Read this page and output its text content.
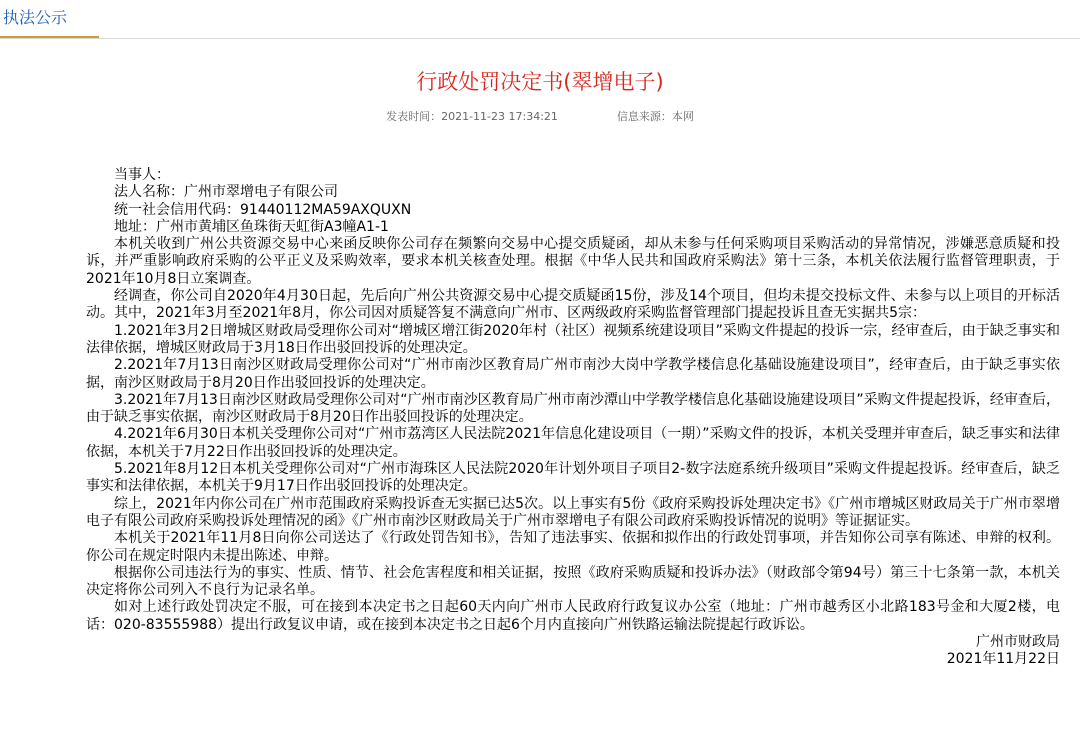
执法公示
行政处罚决定书(翠增电子)
发表时间：2021-11-23 17:34:21	信息来源：本网

当事人：

法人名称：广州市翠增电子有限公司

统一社会信用代码：91440112MA59AXQUXN

地址：广州市黄埔区鱼珠街天虹街A3幢A1-1

本机关收到广州公共资源交易中心来函反映你公司存在频繁向交易中心提交质疑函，却从未参与任何采购项目采购活动的异常情况，涉嫌恶意质疑和投诉，并严重影响政府采购的公平正义及采购效率，要求本机关核查处理。根据《中华人民共和国政府采购法》第十三条，本机关依法履行监督管理职责，于2021年10月8日立案调查。

经调查，你公司自2020年4月30日起，先后向广州公共资源交易中心提交质疑函15份，涉及14个项目，但均未提交投标文件、未参与以上项目的开标活动。其中，2021年3月至2021年8月，你公司因对质疑答复不满意向广州市、区两级政府采购监督管理部门提起投诉且查无实据共5宗：

1.2021年3月2日增城区财政局受理你公司对“增城区增江街2020年村（社区）视频系统建设项目”采购文件提起的投诉一宗，经审查后，由于缺乏事实和法律依据，增城区财政局于3月18日作出驳回投诉的处理决定。

2.2021年7月13日南沙区财政局受理你公司对“广州市南沙区教育局广州市南沙大岗中学教学楼信息化基础设施建设项目”，经审查后，由于缺乏事实依据，南沙区财政局于8月20日作出驳回投诉的处理决定。

3.2021年7月13日南沙区财政局受理你公司对“广州市南沙区教育局广州市南沙潭山中学教学楼信息化基础设施建设项目”采购文件提起投诉，经审查后，由于缺乏事实依据，南沙区财政局于8月20日作出驳回投诉的处理决定。

4.2021年6月30日本机关受理你公司对“广州市荔湾区人民法院2021年信息化建设项目（一期）”采购文件的投诉，本机关受理并审查后，缺乏事实和法律依据，本机关于7月22日作出驳回投诉的处理决定。

5.2021年8月12日本机关受理你公司对“广州市海珠区人民法院2020年计划外项目子项目2-数字法庭系统升级项目”采购文件提起投诉。经审查后，缺乏事实和法律依据，本机关于9月17日作出驳回投诉的处理决定。

综上，2021年内你公司在广州市范围政府采购投诉查无实据已达5次。以上事实有5份《政府采购投诉处理决定书》《广州市增城区财政局关于广州市翠增电子有限公司政府采购投诉处理情况的函》《广州市南沙区财政局关于广州市翠增电子有限公司政府采购投诉情况的说明》等证据证实。

本机关于2021年11月8日向你公司送达了《行政处罚告知书》，告知了违法事实、依据和拟作出的行政处罚事项，并告知你公司享有陈述、申辩的权利。你公司在规定时限内未提出陈述、申辩。

根据你公司违法行为的事实、性质、情节、社会危害程度和相关证据，按照《政府采购质疑和投诉办法》（财政部令第94号）第三十七条第一款，本机关决定将你公司列入不良行为记录名单。

如对上述行政处罚决定不服，可在接到本决定书之日起60天内向广州市人民政府行政复议办公室（地址：广州市越秀区小北路183号金和大厦2楼，电话：020-83555988）提出行政复议申请，或在接到本决定书之日起6个月内直接向广州铁路运输法院提起行政诉讼。

广州市财政局

2021年11月22日
